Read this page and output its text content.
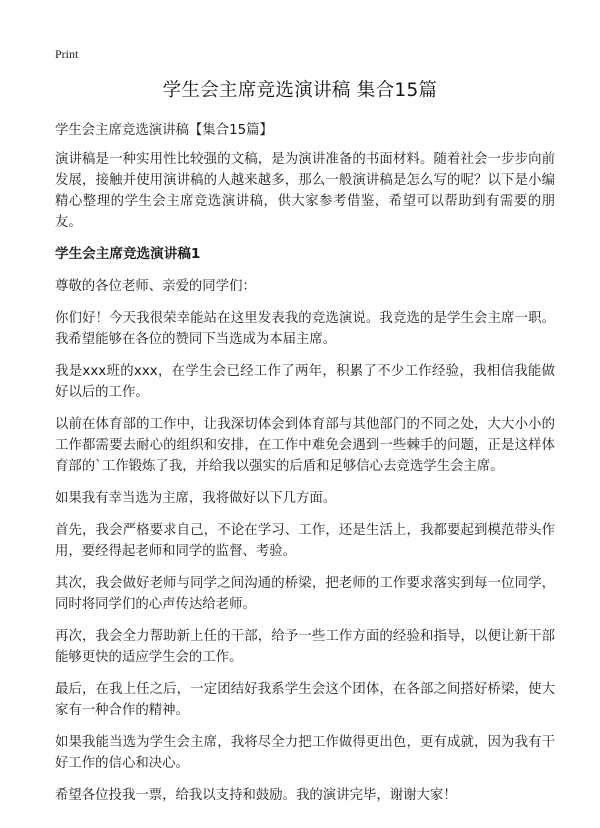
Print
学生会主席竞选演讲稿 集合15篇

学生会主席竞选演讲稿【集合15篇】

演讲稿是一种实用性比较强的文稿，是为演讲准备的书面材料。随着社会一步步向前发展，接触并使用演讲稿的人越来越多，那么一般演讲稿是怎么写的呢？以下是小编精心整理的学生会主席竞选演讲稿，供大家参考借鉴，希望可以帮助到有需要的朋友。

学生会主席竞选演讲稿1

尊敬的各位老师、亲爱的同学们：

你们好！今天我很荣幸能站在这里发表我的竞选演说。我竞选的是学生会主席一职。我希望能够在各位的赞同下当选成为本届主席。

我是xxx班的xxx，在学生会已经工作了两年，积累了不少工作经验，我相信我能做好以后的工作。

以前在体育部的工作中，让我深切体会到体育部与其他部门的不同之处，大大小小的工作都需要去耐心的组织和安排，在工作中难免会遇到一些棘手的问题，正是这样体育部的`工作锻炼了我，并给我以强实的后盾和足够信心去竞选学生会主席。

如果我有幸当选为主席，我将做好以下几方面。

首先，我会严格要求自己，不论在学习、工作，还是生活上，我都要起到模范带头作用，要经得起老师和同学的监督、考验。

其次，我会做好老师与同学之间沟通的桥梁，把老师的工作要求落实到每一位同学，同时将同学们的心声传达给老师。

再次，我会全力帮助新上任的干部，给予一些工作方面的经验和指导，以便让新干部能够更快的适应学生会的工作。

最后，在我上任之后，一定团结好我系学生会这个团体，在各部之间搭好桥梁，使大家有一种合作的精神。

如果我能当选为学生会主席，我将尽全力把工作做得更出色，更有成就，因为我有干好工作的信心和决心。

希望各位投我一票，给我以支持和鼓励。我的演讲完毕，谢谢大家！
